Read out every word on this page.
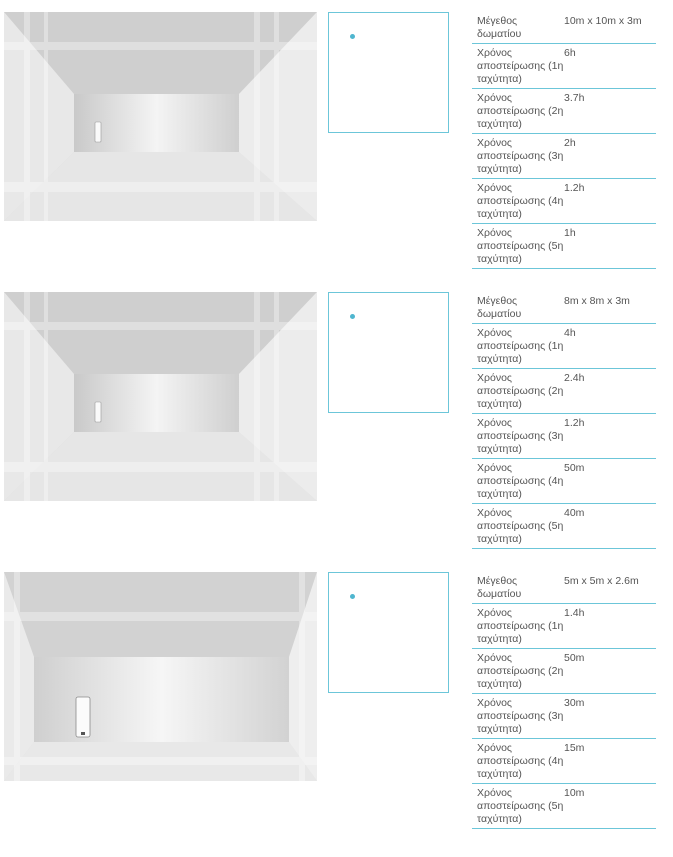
Μέγεθος δωματίου
10m x 10m x 3m
Χρόνος αποστείρωσης (1η ταχύτητα)
6h
Χρόνος αποστείρωσης (2η ταχύτητα)
3.7h
Χρόνος αποστείρωσης (3η ταχύτητα)
2h
Χρόνος αποστείρωσης (4η ταχύτητα)
1.2h
Χρόνος αποστείρωσης (5η ταχύτητα)
1h
Μέγεθος δωματίου
8m x 8m x 3m
Χρόνος αποστείρωσης (1η ταχύτητα)
4h
Χρόνος αποστείρωσης (2η ταχύτητα)
2.4h
Χρόνος αποστείρωσης (3η ταχύτητα)
1.2h
Χρόνος αποστείρωσης (4η ταχύτητα)
50m
Χρόνος αποστείρωσης (5η ταχύτητα)
40m
Μέγεθος δωματίου
5m x 5m x 2.6m
Χρόνος αποστείρωσης (1η ταχύτητα)
1.4h
Χρόνος αποστείρωσης (2η ταχύτητα)
50m
Χρόνος αποστείρωσης (3η ταχύτητα)
30m
Χρόνος αποστείρωσης (4η ταχύτητα)
15m
Χρόνος αποστείρωσης (5η ταχύτητα)
10m
